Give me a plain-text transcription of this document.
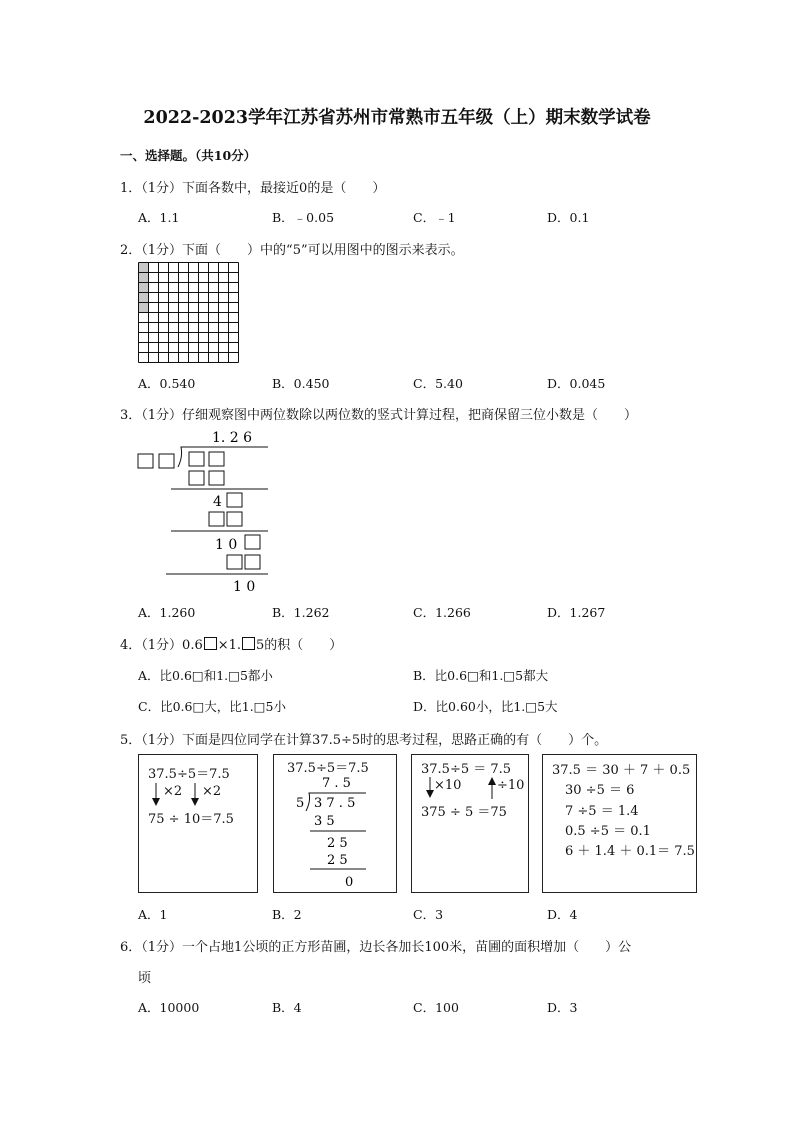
2022-2023学年江苏省苏州市常熟市五年级（上）期末数学试卷
一、选择题。（共10分）
1．（1分）下面各数中，最接近0的是（　　）
A．1.1	B．﹣0.05	C．﹣1	D．0.1
2．（1分）下面（　　）中的“5”可以用图中的图示来表示。
A．0.540	B．0.450	C．5.40	D．0.045
3．（1分）仔细观察图中两位数除以两位数的竖式计算过程，把商保留三位小数是（　　）
1. 2 6
4
1 0
1 0
A．1.260	B．1.262	C．1.266	D．1.267
4．（1分）0.6 ×1. 5的积（　　）
A．比0.6□和1.□5都小	B．比0.6□和1.□5都大
C．比0.6□大，比1.□5小	D．比0.60小，比1.□5大
5．（1分）下面是四位同学在计算37.5÷5时的思考过程，思路正确的有（　　）个。
37.5÷5＝7.5
×2 ×2
75 ÷ 10＝7.5
37.5÷5＝7.5
7 . 5
5 3 7 . 5
3 5
2 5
2 5
0
37.5÷5 ＝ 7.5
×10	÷10
375 ÷ 5 ＝75
37.5 ＝ 30 ＋ 7 ＋ 0.5
30 ÷5 ＝ 6
7 ÷5 ＝ 1.4
0.5 ÷5 ＝ 0.1
6 ＋ 1.4 ＋ 0.1＝ 7.5
A．1	B．2	C．3	D．4
6．（1分）一个占地1公顷的正方形苗圃，边长各加长100米，苗圃的面积增加（　　）公
顷
A．10000	B．4	C．100	D．3
